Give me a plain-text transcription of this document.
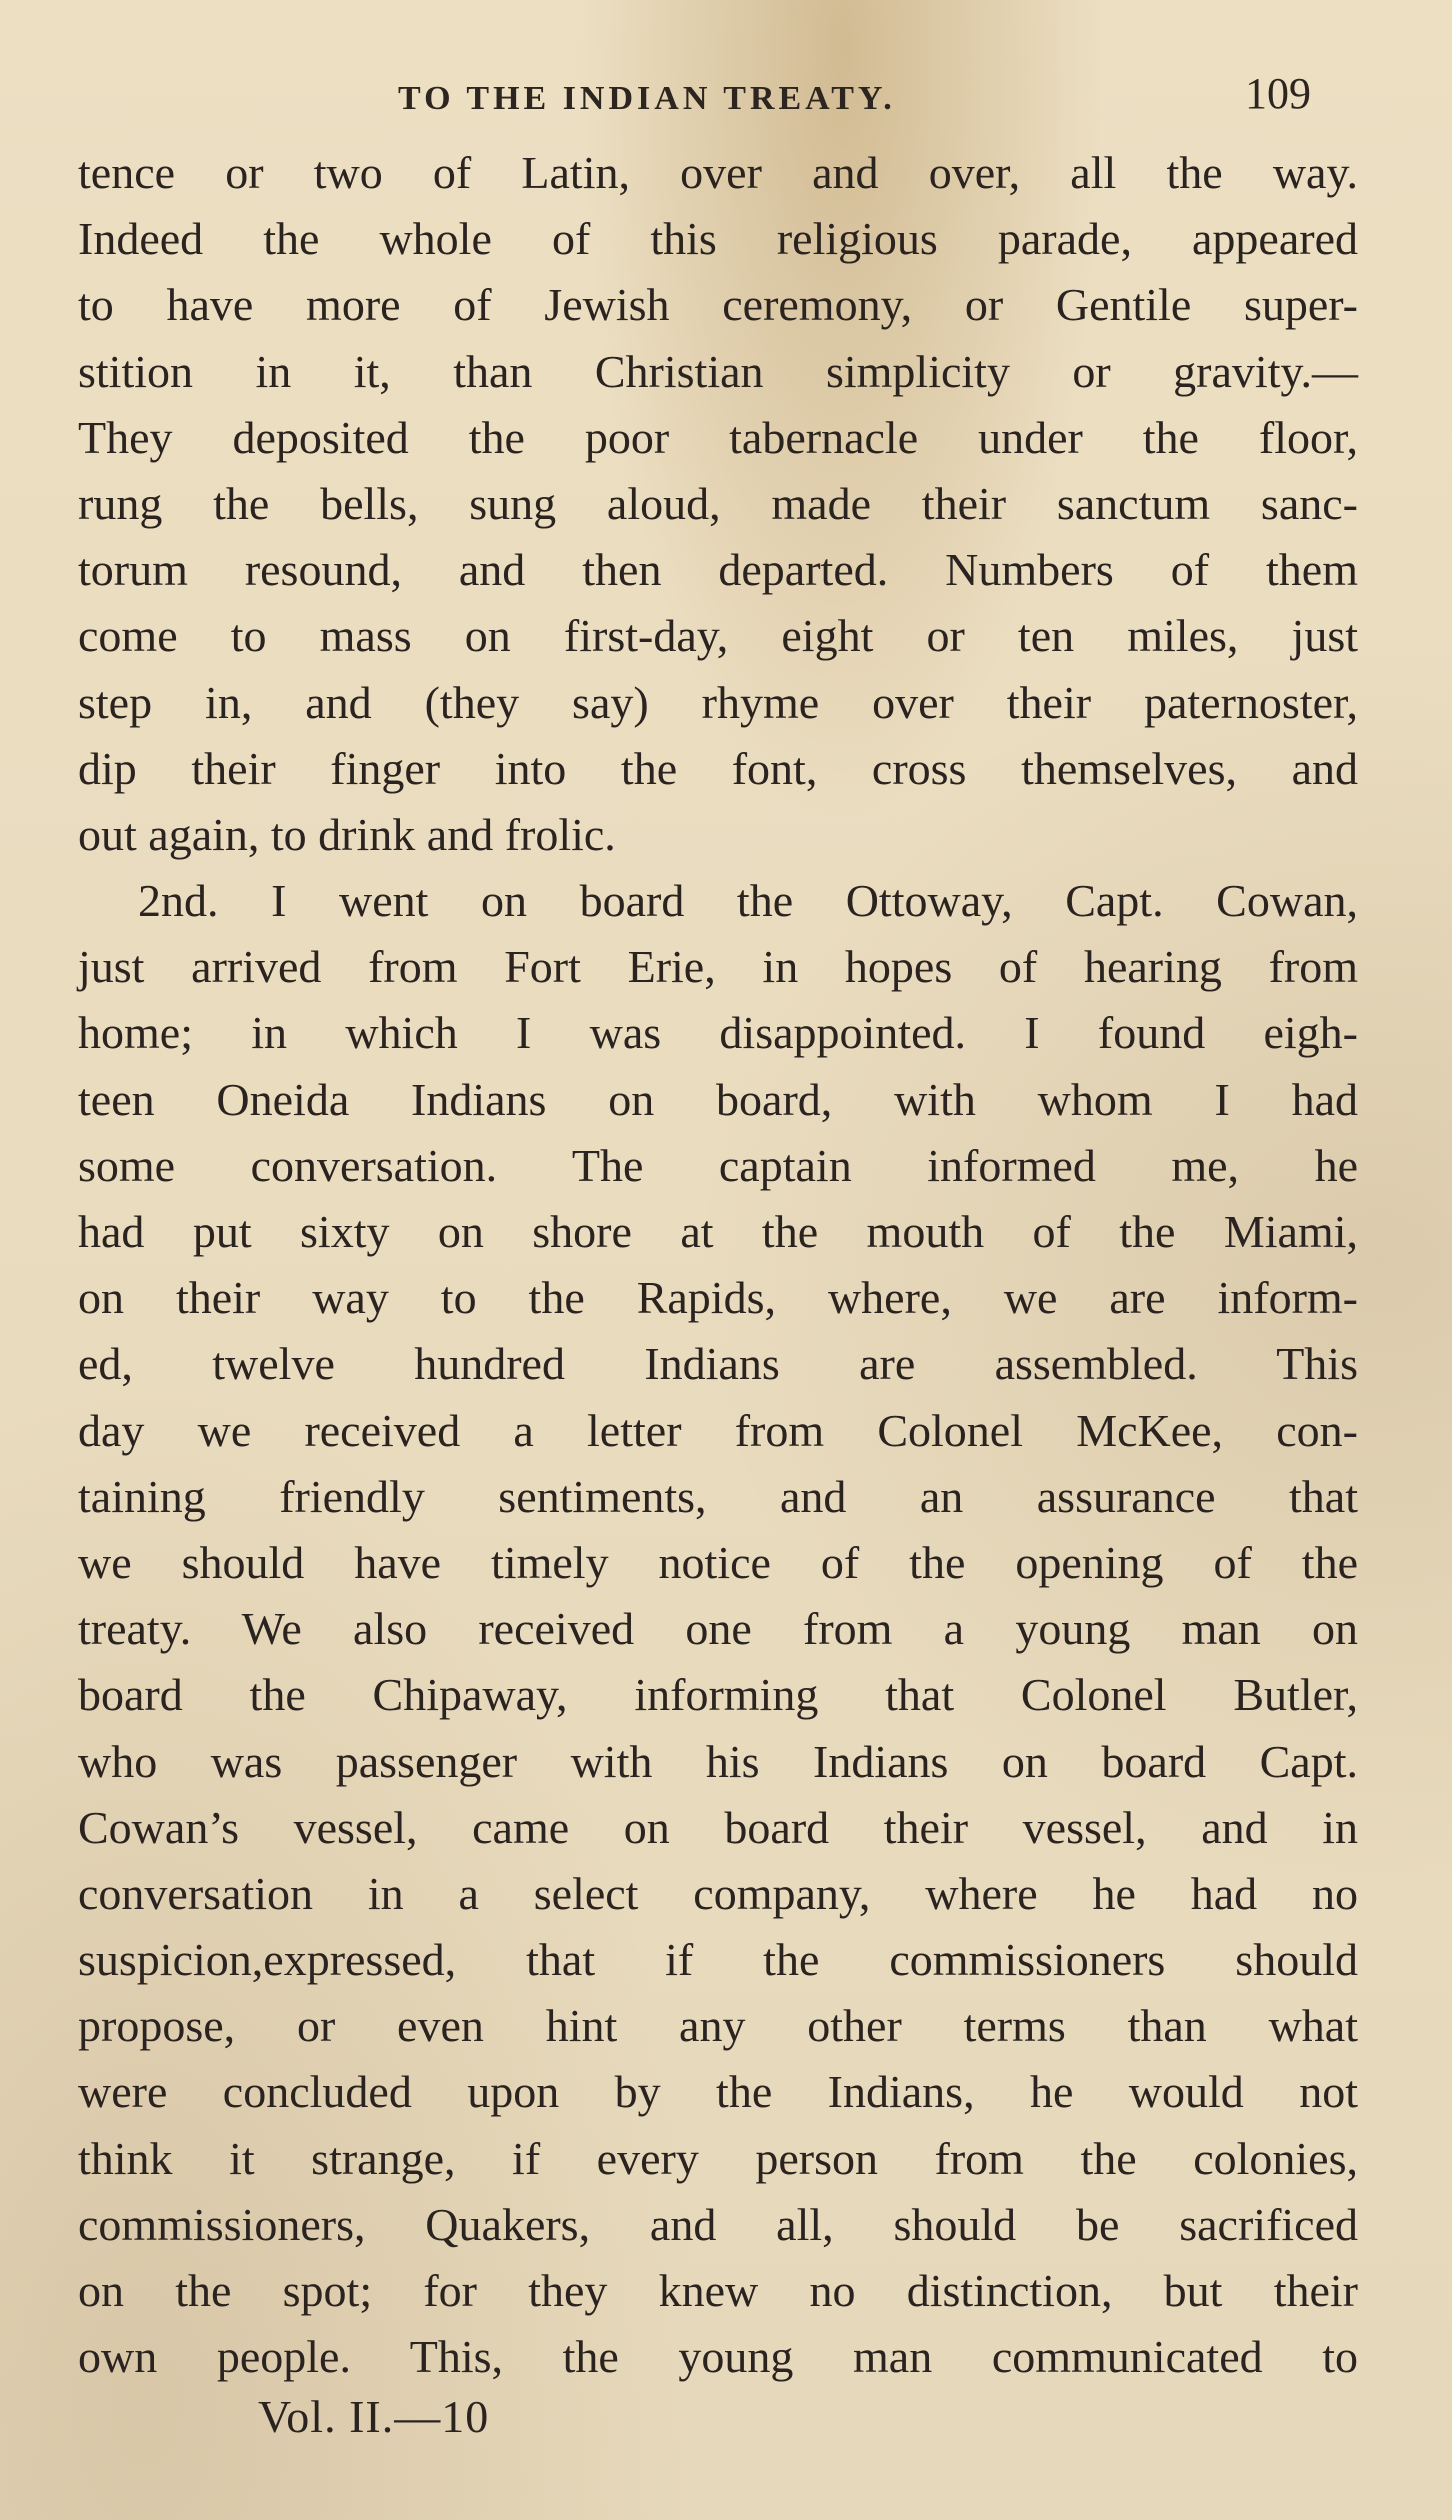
TO THE INDIAN TREATY.	109
tence or two of Latin, over and over, all the way.
Indeed the whole of this religious parade, appeared
to have more of Jewish ceremony, or Gentile super-
stition in it, than Christian simplicity or gravity.—
They deposited the poor tabernacle under the floor,
rung the bells, sung aloud, made their sanctum sanc-
torum resound, and then departed. Numbers of them
come to mass on first-day, eight or ten miles, just
step in, and (they say) rhyme over their paternoster,
dip their finger into the font, cross themselves, and
out again, to drink and frolic.
2nd. I went on board the Ottoway, Capt. Cowan,
just arrived from Fort Erie, in hopes of hearing from
home; in which I was disappointed. I found eigh-
teen Oneida Indians on board, with whom I had
some conversation. The captain informed me, he
had put sixty on shore at the mouth of the Miami,
on their way to the Rapids, where, we are inform-
ed, twelve hundred Indians are assembled. This
day we received a letter from Colonel McKee, con-
taining friendly sentiments, and an assurance that
we should have timely notice of the opening of the
treaty. We also received one from a young man on
board the Chipaway, informing that Colonel Butler,
who was passenger with his Indians on board Capt.
Cowan’s vessel, came on board their vessel, and in
conversation in a select company, where he had no
suspicion,expressed, that if the commissioners should
propose, or even hint any other terms than what
were concluded upon by the Indians, he would not
think it strange, if every person from the colonies,
commissioners, Quakers, and all, should be sacrificed
on the spot; for they knew no distinction, but their
own people. This, the young man communicated to
Vol. II.—10
